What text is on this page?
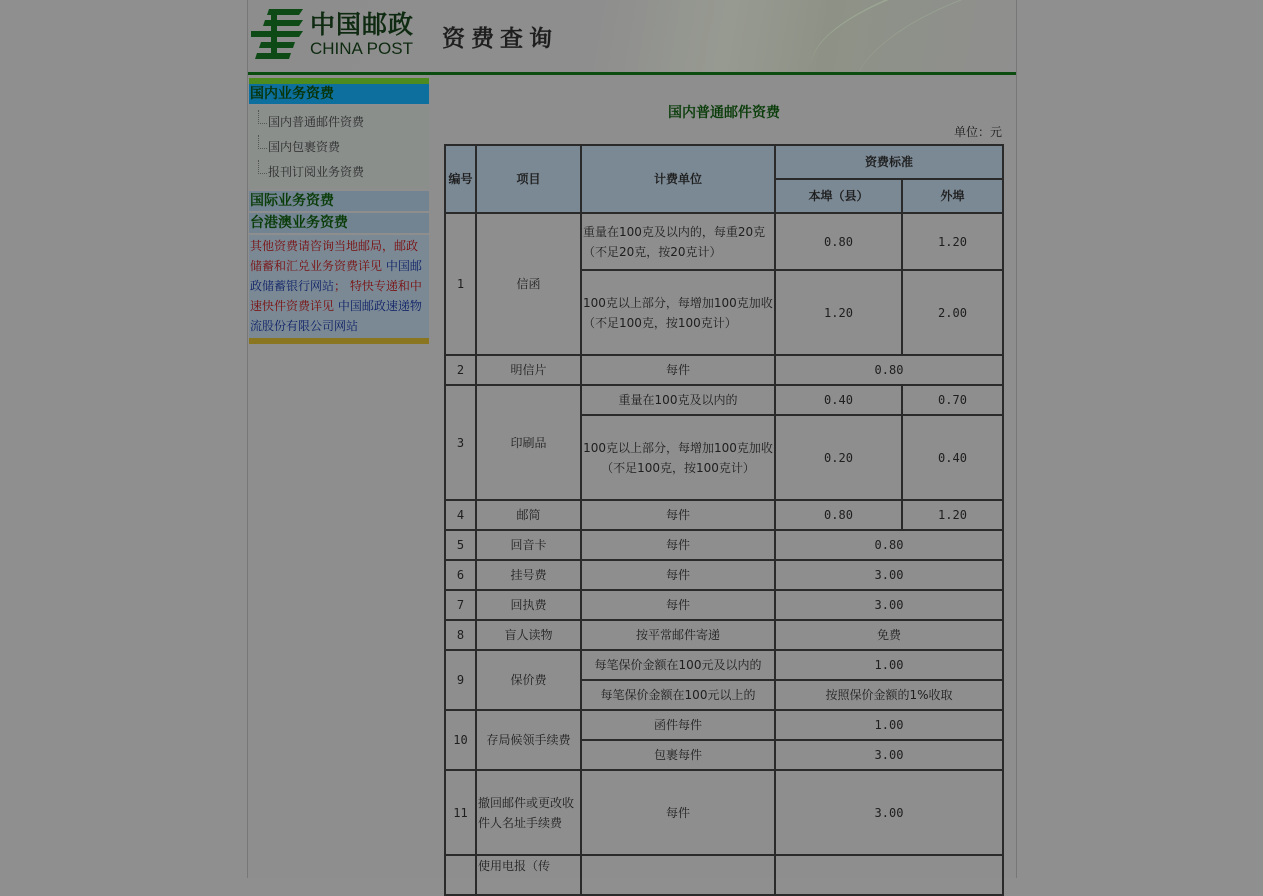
中国邮政
CHINA POST 资费查询
国内业务资费
国内普通邮件资费
国内包裹资费
报刊订阅业务资费
国际业务资费
台港澳业务资费
其他资费请咨询当地邮局，邮政储蓄和汇兑业务资费详见 中国邮政储蓄银行网站； 特快专递和中速快件资费详见 中国邮政速递物流股份有限公司网站
国内普通邮件资费
单位：元
编号	项目	计费单位	资费标准	
			本埠（县）	外埠
1	信函	重量在100克及以内的，每重20克（不足20克，按20克计）	0.80	1.20

		100克以上部分，每增加100克加收
（不足100克，按100克计）	1.20	2.00
2	明信片	每件	0.80	
3	印刷品	重量在100克及以内的	0.40	0.70

		100克以上部分，每增加100克加收
（不足100克，按100克计）	0.20	0.40
4	邮简	每件	0.80	1.20
5	回音卡	每件	0.80	
6	挂号费	每件	3.00	
7	回执费	每件	3.00	
8	盲人读物	按平常邮件寄递	免费	
9	保价费	每笔保价金额在100元及以内的	1.00	
		每笔保价金额在100元以上的	按照保价金额的1%收取	
10	存局候领手续费	函件每件	1.00	
		包裹每件	3.00	
11	撤回邮件或更改收件人名址手续费	每件	3.00	
	使用电报（传			
